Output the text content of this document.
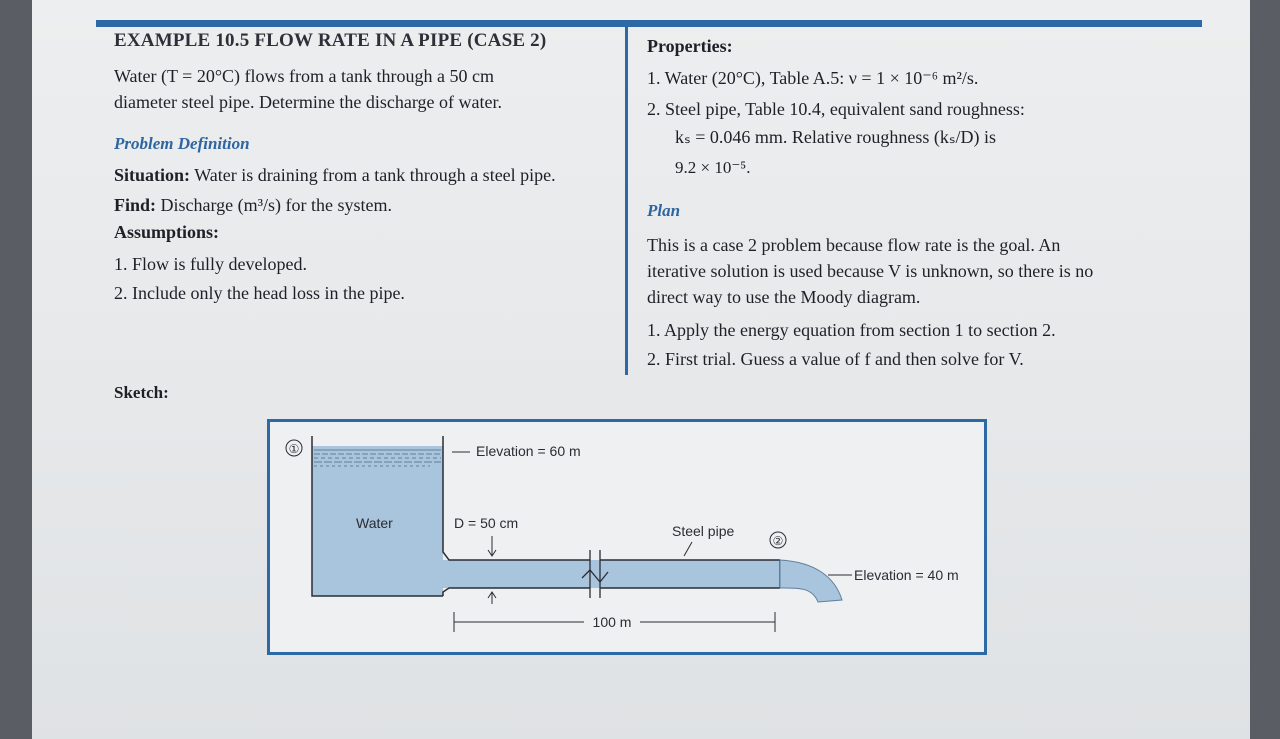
EXAMPLE 10.5 FLOW RATE IN A PIPE (CASE 2)
Water (T = 20°C) flows from a tank through a 50 cm
diameter steel pipe. Determine the discharge of water.
Problem Definition
Situation: Water is draining from a tank through a steel pipe.
Find: Discharge (m³/s) for the system.
Assumptions:
1. Flow is fully developed.
2. Include only the head loss in the pipe.
Sketch:
Properties:
1. Water (20°C), Table A.5: ν = 1 × 10⁻⁶ m²/s.
2. Steel pipe, Table 10.4, equivalent sand roughness:
kₛ = 0.046 mm. Relative roughness (kₛ/D) is
9.2 × 10⁻⁵.
Plan
This is a case 2 problem because flow rate is the goal. An
iterative solution is used because V is unknown, so there is no
direct way to use the Moody diagram.
1. Apply the energy equation from section 1 to section 2.
2. First trial. Guess a value of f and then solve for V.
①
②
Elevation = 60 m
Water	D = 50 cm	Steel pipe
Elevation = 40 m
100 m
